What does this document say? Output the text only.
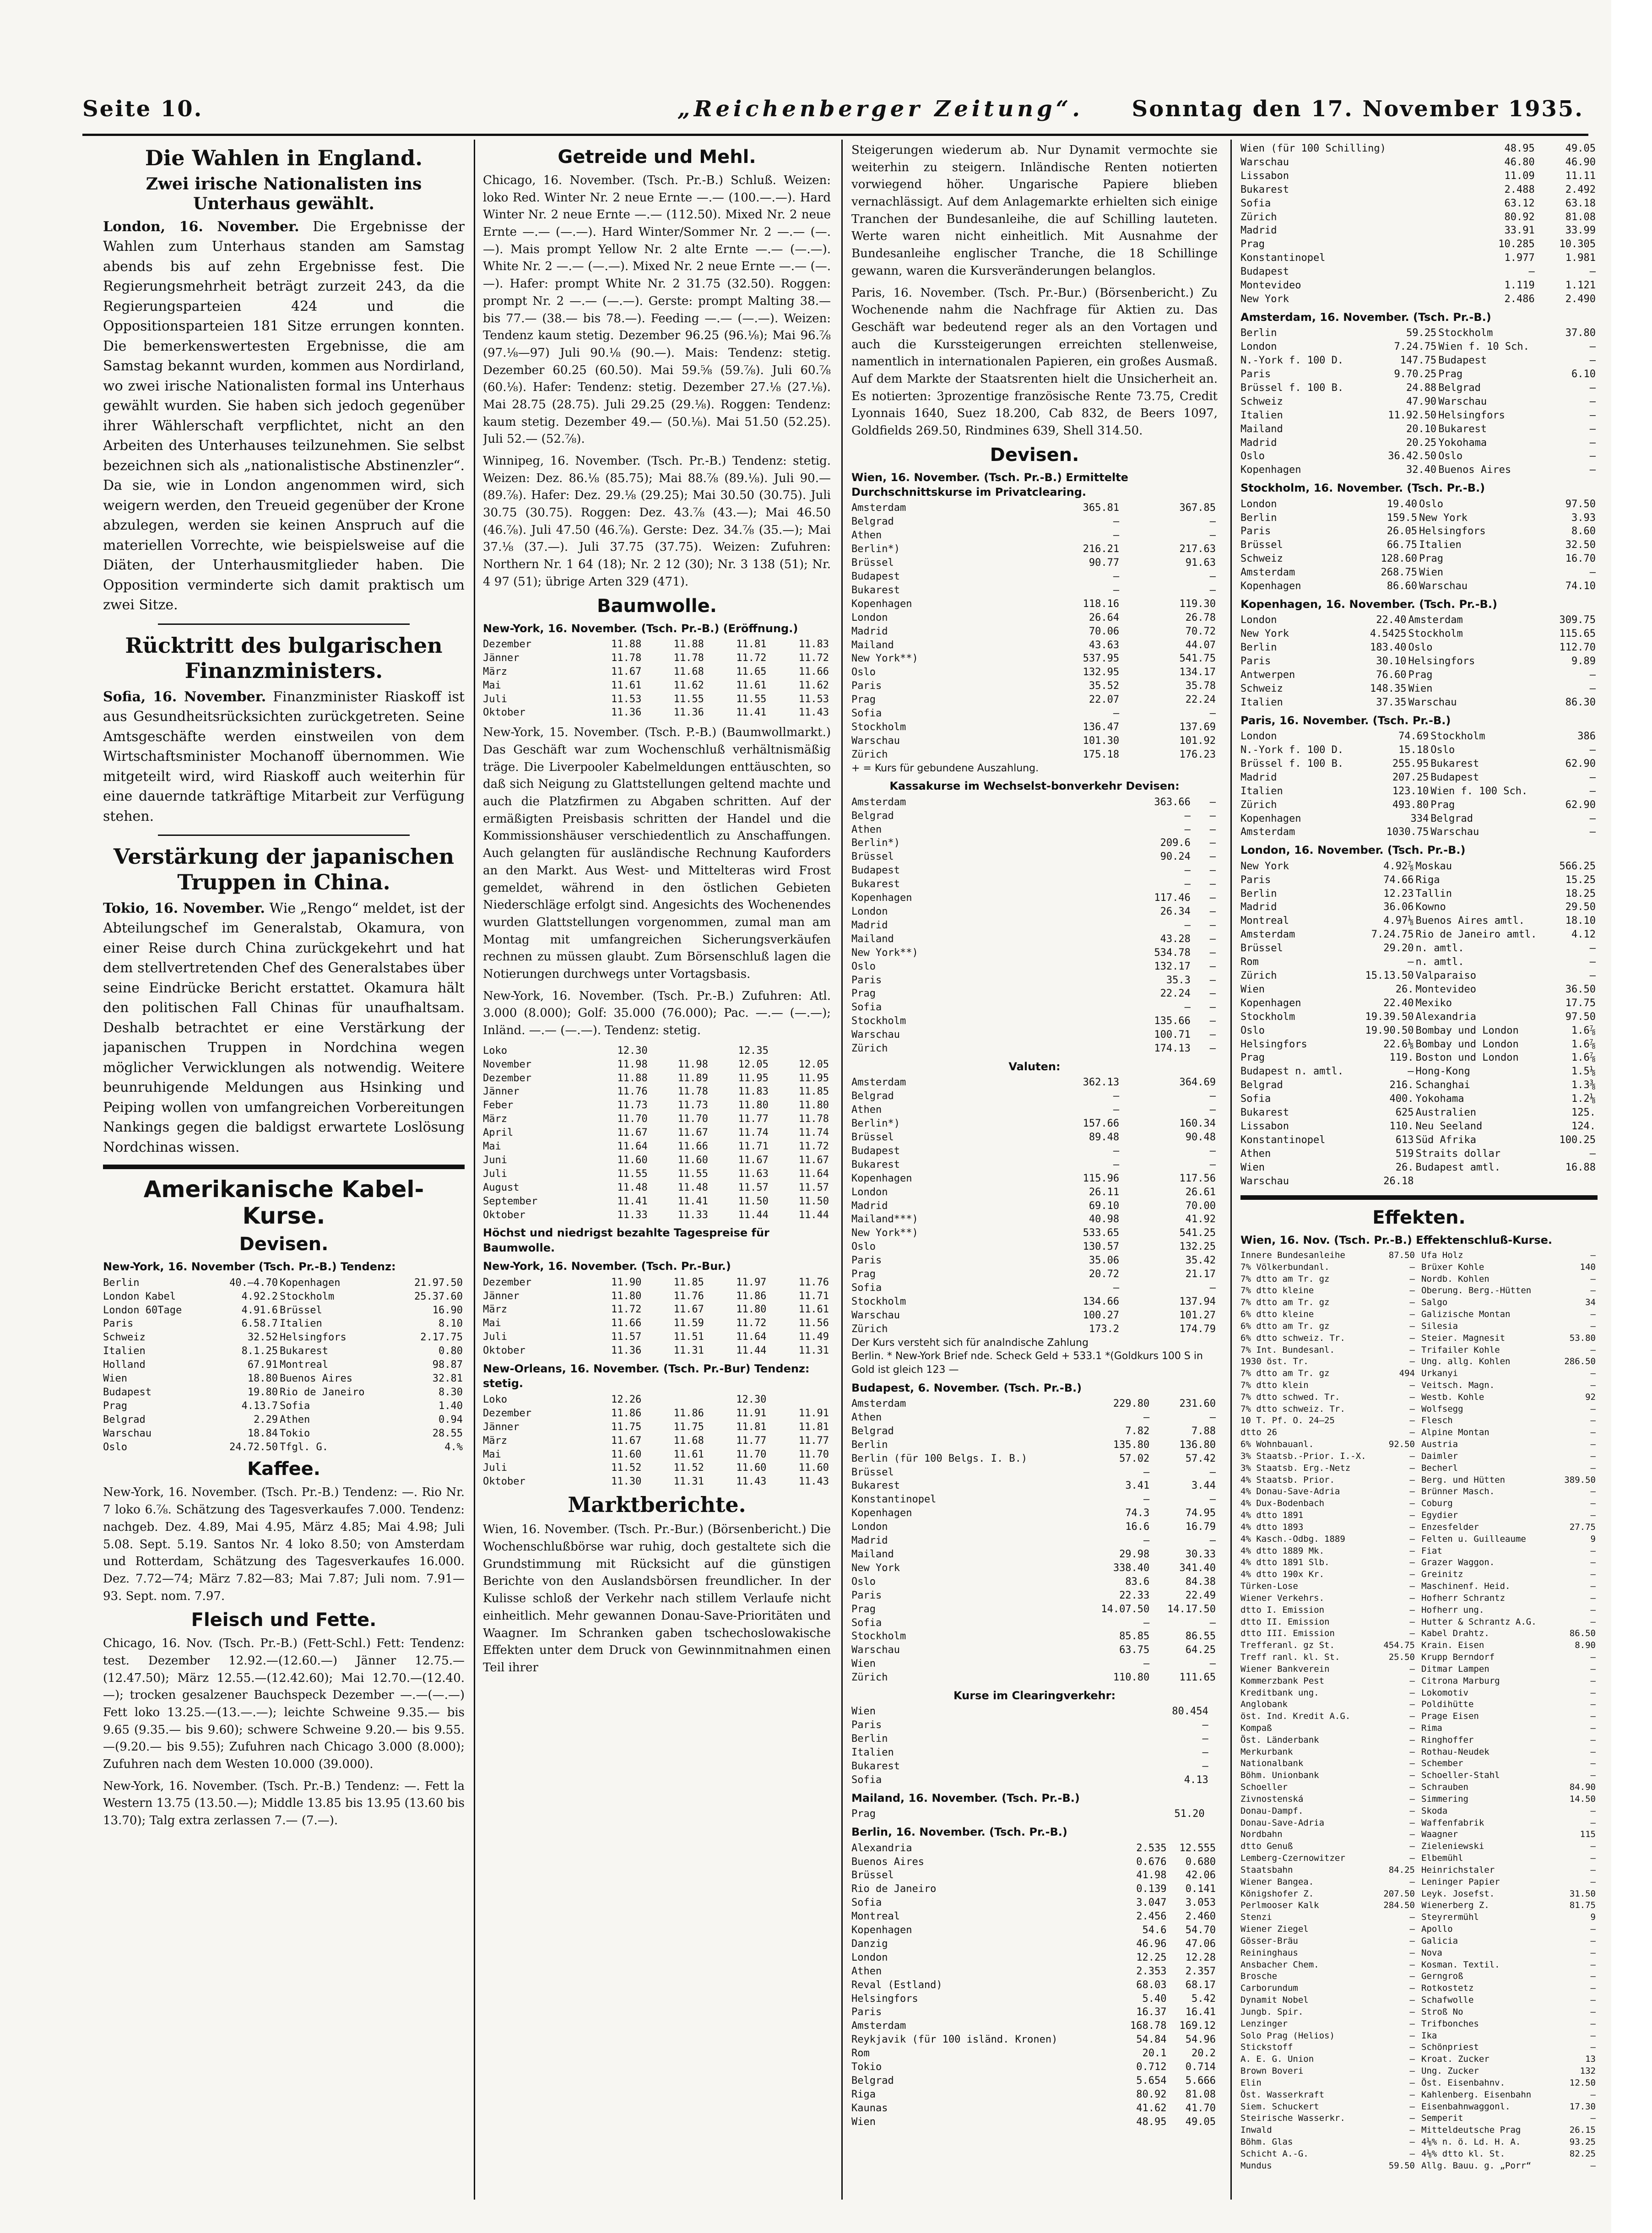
Seite 10.	„Reichenberger Zeitung“. Sonntag den 17. November 1935.
Die Wahlen in England.
Zwei irische Nationalisten ins Unterhaus gewählt.

London, 16. November. Die Ergebnisse der Wahlen zum Unterhaus standen am Samstag abends bis auf zehn Ergebnisse fest. Die Regierungsmehrheit beträgt zurzeit 243, da die Regierungsparteien 424 und die Oppositionsparteien 181 Sitze errungen konnten. Die bemerkenswertesten Ergebnisse, die am Samstag bekannt wurden, kommen aus Nordirland, wo zwei irische Nationalisten formal ins Unterhaus gewählt wurden. Sie haben sich jedoch gegenüber ihrer Wählerschaft verpflichtet, nicht an den Arbeiten des Unterhauses teilzunehmen. Sie selbst bezeichnen sich als „nationalistische Abstinenzler“. Da sie, wie in London angenommen wird, sich weigern werden, den Treueid gegenüber der Krone abzulegen, werden sie keinen Anspruch auf die materiellen Vorrechte, wie beispielsweise auf die Diäten, der Unterhausmitglieder haben. Die Opposition verminderte sich damit praktisch um zwei Sitze.

Rücktritt des bulgarischen Finanzministers.

Sofia, 16. November. Finanzminister Riaskoff ist aus Gesundheitsrücksichten zurückgetreten. Seine Amtsgeschäfte werden einstweilen von dem Wirtschaftsminister Mochanoff übernommen. Wie mitgeteilt wird, wird Riaskoff auch weiterhin für eine dauernde tatkräftige Mitarbeit zur Verfügung stehen.

Verstärkung der japanischen Truppen in China.

Tokio, 16. November. Wie „Rengo“ meldet, ist der Abteilungschef im Generalstab, Okamura, von einer Reise durch China zurückgekehrt und hat dem stellvertretenden Chef des Generalstabes über seine Eindrücke Bericht erstattet. Okamura hält den politischen Fall Chinas für unaufhaltsam. Deshalb betrachtet er eine Verstärkung der japanischen Truppen in Nordchina wegen möglicher Verwicklungen als notwendig. Weitere beunruhigende Meldungen aus Hsinking und Peiping wollen von umfangreichen Vorbereitungen Nankings gegen die baldigst erwartete Loslösung Nordchinas wissen.

Amerikanische Kabel-Kurse.
Devisen.
New-York, 16. November (Tsch. Pr.-B.) Tendenz:
Berlin	40.—4.70	Kopenhagen	21.97.50
London Kabel	4.92.2	Stockholm	25.37.60
London 60Tage	4.91.6	Brüssel	16.90
Paris	6.58.7	Italien	8.10
Schweiz	32.52	Helsingfors	2.17.75
Italien	8.1.25	Bukarest	0.80
Holland	67.91	Montreal	98.87
Wien	18.80	Buenos Aires	32.81
Budapest	19.80	Rio de Janeiro	8.30
Prag	4.13.7	Sofia	1.40
Belgrad	2.29	Athen	0.94
Warschau	18.84	Tokio	28.55
Oslo	24.72.50	Tfgl. G.	4.%
Kaffee.

New-York, 16. November. (Tsch. Pr.-B.) Tendenz: —. Rio Nr. 7 loko 6.⅞. Schätzung des Tagesverkaufes 7.000. Tendenz: nachgeb. Dez. 4.89, Mai 4.95, März 4.85; Mai 4.98; Juli 5.08. Sept. 5.19. Santos Nr. 4 loko 8.50; von Amsterdam und Rotterdam, Schätzung des Tagesverkaufes 16.000. Dez. 7.72—74; März 7.82—83; Mai 7.87; Juli nom. 7.91—93. Sept. nom. 7.97.

Fleisch und Fette.

Chicago, 16. Nov. (Tsch. Pr.-B.) (Fett-Schl.) Fett: Tendenz: test. Dezember 12.92.—(12.60.—) Jänner 12.75.—(12.47.50); März 12.55.—(12.42.60); Mai 12.70.—(12.40.—); trocken gesalzener Bauchspeck Dezember —.—(—.—) Fett loko 13.25.—(13.—.—); leichte Schweine 9.35.— bis 9.65 (9.35.— bis 9.60); schwere Schweine 9.20.— bis 9.55.—(9.20.— bis 9.55); Zufuhren nach Chicago 3.000 (8.000); Zufuhren nach dem Westen 10.000 (39.000).

New-York, 16. November. (Tsch. Pr.-B.) Tendenz: —. Fett la Western 13.75 (13.50.—); Middle 13.85 bis 13.95 (13.60 bis 13.70); Talg extra zerlassen 7.— (7.—).

Getreide und Mehl.

Chicago, 16. November. (Tsch. Pr.-B.) Schluß. Weizen: loko Red. Winter Nr. 2 neue Ernte —.— (100.—.—). Hard Winter Nr. 2 neue Ernte —.— (112.50). Mixed Nr. 2 neue Ernte —.— (—.—). Hard Winter/Sommer Nr. 2 —.— (—.—). Mais prompt Yellow Nr. 2 alte Ernte —.— (—.—). White Nr. 2 —.— (—.—). Mixed Nr. 2 neue Ernte —.— (—.—). Hafer: prompt White Nr. 2 31.75 (32.50). Roggen: prompt Nr. 2 —.— (—.—). Gerste: prompt Malting 38.— bis 77.— (38.— bis 78.—). Feeding —.— (—.—). Weizen: Tendenz kaum stetig. Dezember 96.25 (96.⅛); Mai 96.⅞ (97.⅛—97) Juli 90.⅛ (90.—). Mais: Tendenz: stetig. Dezember 60.25 (60.50). Mai 59.⅝ (59.⅞). Juli 60.⅞ (60.⅛). Hafer: Tendenz: stetig. Dezember 27.⅛ (27.⅛). Mai 28.75 (28.75). Juli 29.25 (29.⅛). Roggen: Tendenz: kaum stetig. Dezember 49.— (50.⅛). Mai 51.50 (52.25). Juli 52.— (52.⅞).

Winnipeg, 16. November. (Tsch. Pr.-B.) Tendenz: stetig. Weizen: Dez. 86.⅛ (85.75); Mai 88.⅞ (89.⅛). Juli 90.— (89.⅞). Hafer: Dez. 29.⅛ (29.25); Mai 30.50 (30.75). Juli 30.75 (30.75). Roggen: Dez. 43.⅞ (43.—); Mai 46.50 (46.⅞). Juli 47.50 (46.⅞). Gerste: Dez. 34.⅞ (35.—); Mai 37.⅛ (37.—). Juli 37.75 (37.75). Weizen: Zufuhren: Northern Nr. 1 64 (18); Nr. 2 12 (30); Nr. 3 138 (51); Nr. 4 97 (51); übrige Arten 329 (471).

Baumwolle.
New-York, 16. November. (Tsch. Pr.-B.) (Eröffnung.)
Dezember	11.88	11.88	11.81	11.83
Jänner	11.78	11.78	11.72	11.72
März	11.67	11.68	11.65	11.66
Mai	11.61	11.62	11.61	11.62
Juli	11.53	11.55	11.55	11.53
Oktober	11.36	11.36	11.41	11.43

New-York, 15. November. (Tsch. P.-B.) (Baumwollmarkt.) Das Geschäft war zum Wochenschluß verhältnismäßig träge. Die Liverpooler Kabelmeldungen enttäuschten, so daß sich Neigung zu Glattstellungen geltend machte und auch die Platzfirmen zu Abgaben schritten. Auf der ermäßigten Preisbasis schritten der Handel und die Kommissionshäuser verschiedentlich zu Anschaffungen. Auch gelangten für ausländische Rechnung Kauforders an den Markt. Aus West- und Mittelteras wird Frost gemeldet, während in den östlichen Gebieten Niederschläge erfolgt sind. Angesichts des Wochenendes wurden Glattstellungen vorgenommen, zumal man am Montag mit umfangreichen Sicherungsverkäufen rechnen zu müssen glaubt. Zum Börsenschluß lagen die Notierungen durchwegs unter Vortagsbasis.

New-York, 16. November. (Tsch. Pr.-B.) Zufuhren: Atl. 3.000 (8.000); Golf: 35.000 (76.000); Pac. —.— (—.—); Inländ. —.— (—.—). Tendenz: stetig.

Loko	12.30		12.35	
November	11.98	11.98	12.05	12.05
Dezember	11.88	11.89	11.95	11.95
Jänner	11.76	11.78	11.83	11.85
Feber	11.73	11.73	11.80	11.80
März	11.70	11.70	11.77	11.78
April	11.67	11.67	11.74	11.74
Mai	11.64	11.66	11.71	11.72
Juni	11.60	11.60	11.67	11.67
Juli	11.55	11.55	11.63	11.64
August	11.48	11.48	11.57	11.57
September	11.41	11.41	11.50	11.50
Oktober	11.33	11.33	11.44	11.44
Höchst und niedrigst bezahlte Tagespreise für Baumwolle.
New-York, 16. November. (Tsch. Pr.-Bur.)
Dezember	11.90	11.85	11.97	11.76
Jänner	11.80	11.76	11.86	11.71
März	11.72	11.67	11.80	11.61
Mai	11.66	11.59	11.72	11.56
Juli	11.57	11.51	11.64	11.49
Oktober	11.36	11.31	11.44	11.31
New-Orleans, 16. November. (Tsch. Pr.-Bur) Tendenz: stetig.
Loko	12.26		12.30	
Dezember	11.86	11.86	11.91	11.91
Jänner	11.75	11.75	11.81	11.81
März	11.67	11.68	11.77	11.77
Mai	11.60	11.61	11.70	11.70
Juli	11.52	11.52	11.60	11.60
Oktober	11.30	11.31	11.43	11.43
Marktberichte.

Wien, 16. November. (Tsch. Pr.-Bur.) (Börsenbericht.) Die Wochenschlußbörse war ruhig, doch gestaltete sich die Grundstimmung mit Rücksicht auf die günstigen Berichte von den Auslandsbörsen freundlicher. In der Kulisse schloß der Verkehr nach stillem Verlaufe nicht einheitlich. Mehr gewannen Donau-Save-Prioritäten und Waagner. Im Schranken gaben tschechoslowakische Effekten unter dem Druck von Gewinnmitnahmen einen Teil ihrer

Steigerungen wiederum ab. Nur Dynamit vermochte sie weiterhin zu steigern. Inländische Renten notierten vorwiegend höher. Ungarische Papiere blieben vernachlässigt. Auf dem Anlagemarkte erhielten sich einige Tranchen der Bundesanleihe, die auf Schilling lauteten. Werte waren nicht einheitlich. Mit Ausnahme der Bundesanleihe englischer Tranche, die 18 Schillinge gewann, waren die Kursveränderungen belanglos.

Paris, 16. November. (Tsch. Pr.-Bur.) (Börsenbericht.) Zu Wochenende nahm die Nachfrage für Aktien zu. Das Geschäft war bedeutend reger als an den Vortagen und auch die Kurssteigerungen erreichten stellenweise, namentlich in internationalen Papieren, ein großes Ausmaß. Auf dem Markte der Staatsrenten hielt die Unsicherheit an. Es notierten: 3prozentige französische Rente 73.75, Credit Lyonnais 1640, Suez 18.200, Cab 832, de Beers 1097, Goldfields 269.50, Rindmines 639, Shell 314.50.

Devisen.
Wien, 16. November. (Tsch. Pr.-B.) Ermittelte Durchschnittskurse im Privatclearing.
Amsterdam	365.81	367.85
Belgrad	—	—
Athen	—	—
Berlin*)	216.21	217.63
Brüssel	90.77	91.63
Budapest	—	—
Bukarest	—	—
Kopenhagen	118.16	119.30
London	26.64	26.78
Madrid	70.06	70.72
Mailand	43.63	44.07
New York**)	537.95	541.75
Oslo	132.95	134.17
Paris	35.52	35.78
Prag	22.07	22.24
Sofia	—	—
Stockholm	136.47	137.69
Warschau	101.30	101.92
Zürich	175.18	176.23
+ = Kurs für gebundene Auszahlung.
Kassakurse im Wechselst-bonverkehr Devisen:
Amsterdam	363.66	—
Belgrad	—	—
Athen	—	—
Berlin*)	209.6	—
Brüssel	90.24	—
Budapest	—	—
Bukarest	—	—
Kopenhagen	117.46	—
London	26.34	—
Madrid	—	—
Mailand	43.28	—
New York**)	534.78	—
Oslo	132.17	—
Paris	35.3	—
Prag	22.24	—
Sofia	—	—
Stockholm	135.66	—
Warschau	100.71	—
Zürich	174.13	—
Valuten:
Amsterdam	362.13	364.69
Belgrad	—	—
Athen	—	—
Berlin*)	157.66	160.34
Brüssel	89.48	90.48
Budapest	—	—
Bukarest	—	—
Kopenhagen	115.96	117.56
London	26.11	26.61
Madrid	69.10	70.00
Mailand***)	40.98	41.92
New York**)	533.65	541.25
Oslo	130.57	132.25
Paris	35.06	35.42
Prag	20.72	21.17
Sofia	—	—
Stockholm	134.66	137.94
Warschau	100.27	101.27
Zürich	173.2	174.79
Der Kurs versteht sich für analndische Zahlung
Berlin. * New-York Brief nde. Scheck Geld + 533.1 *(Goldkurs 100 S in Gold ist gleich 123 —
Budapest, 6. November. (Tsch. Pr.-B.)
Amsterdam	229.80	231.60
Athen	—	—
Belgrad	7.82	7.88
Berlin	135.80	136.80
Berlin (für 100 Belgs. I. B.)	57.02	57.42
Brüssel	—	—
Bukarest	3.41	3.44
Konstantinopel	—	—
Kopenhagen	74.3	74.95
London	16.6	16.79
Madrid	—	—
Mailand	29.98	30.33
New York	338.40	341.40
Oslo	83.6	84.38
Paris	22.33	22.49
Prag	14.07.50	14.17.50
Sofia	—	—
Stockholm	85.85	86.55
Warschau	63.75	64.25
Wien	—	—
Zürich	110.80	111.65
Kurse im Clearingverkehr:
Wien	80.454	
Paris	—	
Berlin	—	
Italien	—	
Bukarest	—	
Sofia	4.13	
Mailand, 16. November. (Tsch. Pr.-B.)
Prag	51.20	
Berlin, 16. November. (Tsch. Pr.-B.)
Alexandria	2.535	12.555
Buenos Aires	0.676	0.680
Brüssel	41.98	42.06
Rio de Janeiro	0.139	0.141
Sofia	3.047	3.053
Montreal	2.456	2.460
Kopenhagen	54.6	54.70
Danzig	46.96	47.06
London	12.25	12.28
Athen	2.353	2.357
Reval (Estland)	68.03	68.17
Helsingfors	5.40	5.42
Paris	16.37	16.41
Amsterdam	168.78	169.12
Reykjavik (für 100 isländ. Kronen)	54.84	54.96
Rom	20.1	20.2
Tokio	0.712	0.714
Belgrad	5.654	5.666
Riga	80.92	81.08
Kaunas	41.62	41.70
Wien	48.95	49.05
Wien (für 100 Schilling)	48.95	49.05
Warschau	46.80	46.90
Lissabon	11.09	11.11
Bukarest	2.488	2.492
Sofia	63.12	63.18
Zürich	80.92	81.08
Madrid	33.91	33.99
Prag	10.285	10.305
Konstantinopel	1.977	1.981
Budapest	—	—
Montevideo	1.119	1.121
New York	2.486	2.490
Amsterdam, 16. November. (Tsch. Pr.-B.)
Berlin	59.25	Stockholm	37.80
London	7.24.75	Wien f. 10 Sch.	—
N.-York f. 100 D.	147.75	Budapest	—
Paris	9.70.25	Prag	6.10
Brüssel f. 100 B.	24.88	Belgrad	—
Schweiz	47.90	Warschau	—
Italien	11.92.50	Helsingfors	—
Mailand	20.10	Bukarest	—
Madrid	20.25	Yokohama	—
Oslo	36.42.50	Oslo	—
Kopenhagen	32.40	Buenos Aires	—
Stockholm, 16. November. (Tsch. Pr.-B.)
London	19.40	Oslo	97.50
Berlin	159.5	New York	3.93
Paris	26.05	Helsingfors	8.60
Brüssel	66.75	Italien	32.50
Schweiz	128.60	Prag	16.70
Amsterdam	268.75	Wien	—
Kopenhagen	86.60	Warschau	74.10
Kopenhagen, 16. November. (Tsch. Pr.-B.)
London	22.40	Amsterdam	309.75
New York	4.5425	Stockholm	115.65
Berlin	183.40	Oslo	112.70
Paris	30.10	Helsingfors	9.89
Antwerpen	76.60	Prag	—
Schweiz	148.35	Wien	—
Italien	37.35	Warschau	86.30
Paris, 16. November. (Tsch. Pr.-B.)
London	74.69	Stockholm	386
N.-York f. 100 D.	15.18	Oslo	—
Brüssel f. 100 B.	255.95	Bukarest	62.90
Madrid	207.25	Budapest	—
Italien	123.10	Wien f. 100 Sch.	—
Zürich	493.80	Prag	62.90
Kopenhagen	334	Belgrad	—
Amsterdam	1030.75	Warschau	—
London, 16. November. (Tsch. Pr.-B.)
New York	4.92⅞	Moskau	566.25
Paris	74.66	Riga	15.25
Berlin	12.23	Tallin	18.25
Madrid	36.06	Kowno	29.50
Montreal	4.97⅛	Buenos Aires amtl.	18.10
Amsterdam	7.24.75	Rio de Janeiro amtl.	4.12
Brüssel	29.20	n. amtl.	—
Rom	—	n. amtl.	—
Zürich	15.13.50	Valparaiso	—
Wien	26.	Montevideo	36.50
Kopenhagen	22.40	Mexiko	17.75
Stockholm	19.39.50	Alexandria	97.50
Oslo	19.90.50	Bombay und London	1.6⅞
Helsingfors	22.6⅛	Bombay und London	1.6⅞
Prag	119.	Boston und London	1.6⅞
Budapest n. amtl.	—	Hong-Kong	1.5⅛
Belgrad	216.	Schanghai	1.3⅜
Sofia	400.	Yokohama	1.2⅛
Bukarest	625	Australien	125.
Lissabon	110.	Neu Seeland	124.
Konstantinopel	613	Süd Afrika	100.25
Athen	519	Straits dollar	—
Wien	26.	Budapest amtl.	16.88
Warschau	26.18		
Effekten.
Wien, 16. Nov. (Tsch. Pr.-B.) Effektenschluß-Kurse.
Innere Bundesanleihe	87.50
7% Völkerbundanl.	—
7% dtto am Tr. gz	—
7% dtto kleine	—
7% dtto am Tr. gz	—
6% dtto kleine	—
6% dtto am Tr. gz	—
6% dtto schweiz. Tr.	—
7% Int. Bundesanl.	—
1930 öst. Tr.	—
7% dtto am Tr. gz	494
7% dtto klein	—
7% dtto schwed. Tr.	—
7% dtto schweiz. Tr.	—
10 T. Pf. O. 24—25	—
dtto 26	—
6% Wohnbauanl.	92.50
3% Staatsb.-Prior. I.-X.	—
3% Staatsb. Erg.-Netz	—
4% Staatsb. Prior.	—
4% Donau-Save-Adria	—
4% Dux-Bodenbach	—
4% dtto 1891	—
4% dtto 1893	—
4% Kasch.-Odbg. 1889	—
4% dtto 1889 Mk.	—
4% dtto 1891 Slb.	—
4% dtto 190x Kr.	—
Türken-Lose	—
Wiener Verkehrs.	—
dtto I. Emission	—
dtto II. Emission	—
dtto III. Emission	—
Trefferanl. gz St.	454.75
Treff ranl. kl. St.	25.50
Wiener Bankverein	—
Kommerzbank Pest	—
Kreditbank ung.	—
Anglobank	—
öst. Ind. Kredit A.G.	—
Kompaß	—
Öst. Länderbank	—
Merkurbank	—
Nationalbank	—
Böhm. Unionbank	—
Schoeller	—
Zivnostenská	—
Donau-Dampf.	—
Donau-Save-Adria	—
Nordbahn	—
dtto Genuß	—
Lemberg-Czernowitzer	—
Staatsbahn	84.25
Wiener Bangea.	—
Königshofer Z.	207.50
Perlmooser Kalk	284.50
Stenzi	—
Wiener Ziegel	—
Gösser-Bräu	—
Reininghaus	—
Ansbacher Chem.	—
Brosche	—
Carborundum	—
Dynamit Nobel	—
Jungb. Spir.	—
Lenzinger	—
Solo Prag (Helios)	—
Stickstoff	—
A. E. G. Union	—
Brown Boveri	—
Elin	—
Öst. Wasserkraft	—
Siem. Schuckert	—
Steirische Wasserkr.	—
Inwald	—
Böhm. Glas	—
Schicht A.-G.	—
Mundus	59.50
Ufa Holz	—
Brüxer Kohle	140
Nordb. Kohlen	—
Oberung. Berg.-Hütten	—
Salgo	34
Galizische Montan	—
Silesia	—
Steier. Magnesit	53.80
Trifailer Kohle	—
Ung. allg. Kohlen	286.50
Urkanyi	—
Veitsch. Magn.	—
Westb. Kohle	92
Wolfsegg	—
Flesch	—
Alpine Montan	—
Austria	—
Daimler	—
Becherl	—
Berg. und Hütten	389.50
Brünner Masch.	—
Coburg	—
Egydier	—
Enzesfelder	27.75
Felten u. Guilleaume	9
Fiat	—
Grazer Waggon.	—
Greinitz	—
Maschinenf. Heid.	—
Hofherr Schrantz	—
Hofherr ung.	—
Hutter & Schrantz A.G.	—
Kabel Drahtz.	86.50
Krain. Eisen	8.90
Krupp Berndorf	—
Ditmar Lampen	—
Citrona Marburg	—
Lokomotiv	—
Poldihütte	—
Prage Eisen	—
Rima	—
Ringhoffer	—
Rothau-Neudek	—
Schember	—
Schoeller-Stahl	—
Schrauben	84.90
Simmering	14.50
Skoda	—
Waffenfabrik	—
Waagner	115
Zieleniewski	—
Elbemühl	—
Heinrichstaler	—
Leninger Papier	—
Leyk. Josefst.	31.50
Wienerberg Z.	81.75
Steyrermühl	9
Apollo	—
Galicia	—
Nova	—
Kosman. Textil.	—
Gerngroß	—
Rotkostetz	—
Schafwolle	—
Stroß No	—
Trifbonches	—
Ika	—
Schönpriest	—
Kroat. Zucker	13
Ung. Zucker	132
Öst. Eisenbahnv.	12.50
Kahlenberg. Eisenbahn	—
Eisenbahnwaggonl.	17.30
Semperit	—
Mitteldeutsche Prag	26.15
4⅛% n. ö. Ld. H. A.	93.25
4⅛% dtto kl. St.	82.25
Allg. Bauu. g. „Porr“	—
